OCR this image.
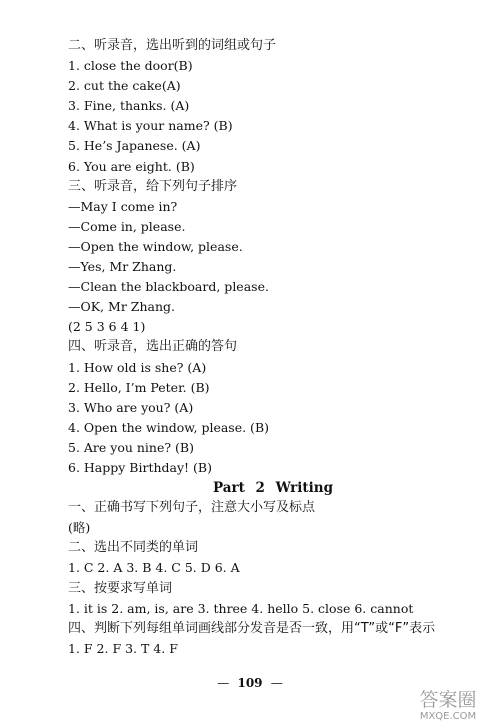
二、听录音，选出听到的词组或句子
1. close the door(B)
2. cut the cake(A)
3. Fine, thanks. (A)
4. What is your name? (B)
5. He’s Japanese. (A)
6. You are eight. (B)
三、听录音，给下列句子排序
—May I come in?
—Come in, please.
—Open the window, please.
—Yes, Mr Zhang.
—Clean the blackboard, please.
—OK, Mr Zhang.
(2 5 3 6 4 1)
四、听录音，选出正确的答句
1. How old is she? (A)
2. Hello, I’m Peter. (B)
3. Who are you? (A)
4. Open the window, please. (B)
5. Are you nine? (B)
6. Happy Birthday! (B)
Part 2 Writing
一、正确书写下列句子，注意大小写及标点
(略)
二、选出不同类的单词
1. C 2. A 3. B 4. C 5. D 6. A
三、按要求写单词
1. it is 2. am, is, are 3. three 4. hello 5. close 6. cannot
四、判断下列每组单词画线部分发音是否一致，用“T”或“F”表示
1. F 2. F 3. T 4. F
— 109 —
答案圈
MXQE.COM
